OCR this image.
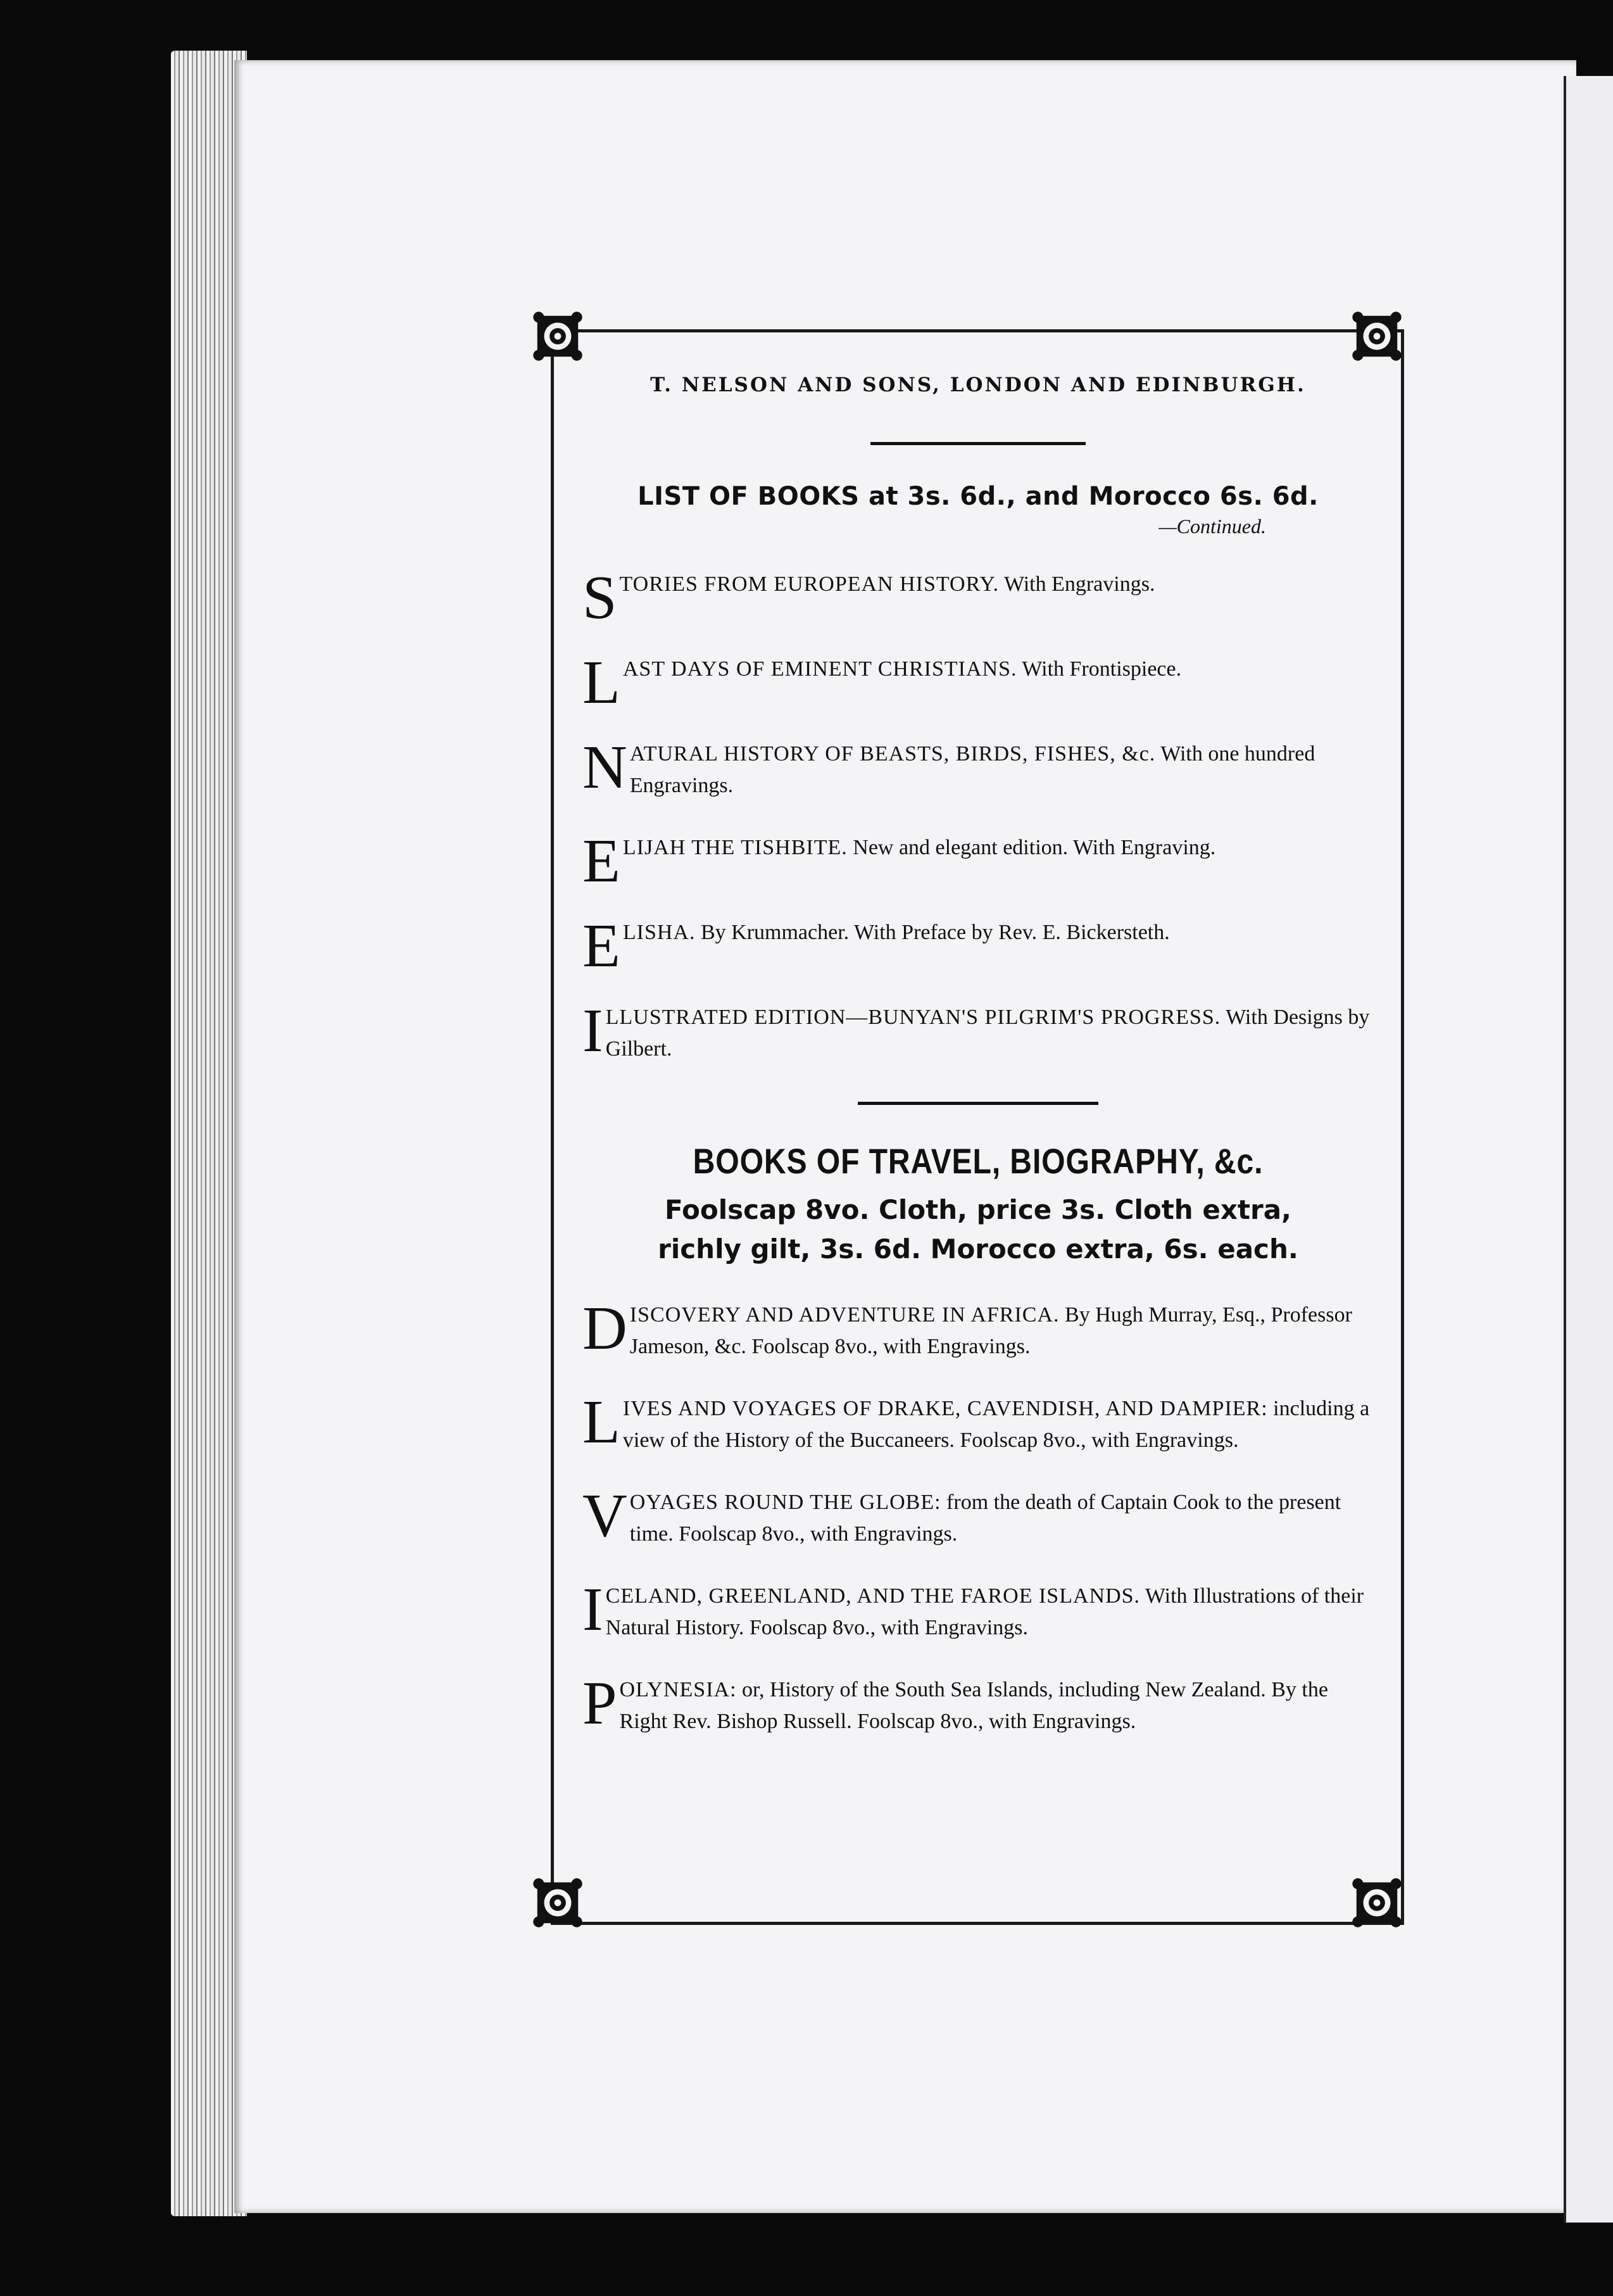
T. NELSON AND SONS, LONDON AND EDINBURGH.

LIST OF BOOKS at 3s. 6d., and Morocco 6s. 6d.
—Continued.
STORIES FROM EUROPEAN HISTORY. With Engravings.
LAST DAYS OF EMINENT CHRISTIANS. With Frontispiece.
NATURAL HISTORY OF BEASTS, BIRDS, FISHES, &c. With one hundred Engravings.
ELIJAH THE TISHBITE. New and elegant edition. With Engraving.
ELISHA. By Krummacher. With Preface by Rev. E. Bickersteth.
ILLUSTRATED EDITION—BUNYAN'S PILGRIM'S PROGRESS. With Designs by Gilbert.
BOOKS OF TRAVEL, BIOGRAPHY, &c.
Foolscap 8vo. Cloth, price 3s. Cloth extra,
richly gilt, 3s. 6d. Morocco extra, 6s. each.
DISCOVERY AND ADVENTURE IN AFRICA. By Hugh Murray, Esq., Professor Jameson, &c. Foolscap 8vo., with Engravings.
LIVES AND VOYAGES OF DRAKE, CAVENDISH, AND DAMPIER: including a view of the History of the Buccaneers. Foolscap 8vo., with Engravings.
VOYAGES ROUND THE GLOBE: from the death of Captain Cook to the present time. Foolscap 8vo., with Engravings.
ICELAND, GREENLAND, AND THE FAROE ISLANDS. With Illustrations of their Natural History. Foolscap 8vo., with Engravings.
POLYNESIA: or, History of the South Sea Islands, including New Zealand. By the Right Rev. Bishop Russell. Foolscap 8vo., with Engravings.
